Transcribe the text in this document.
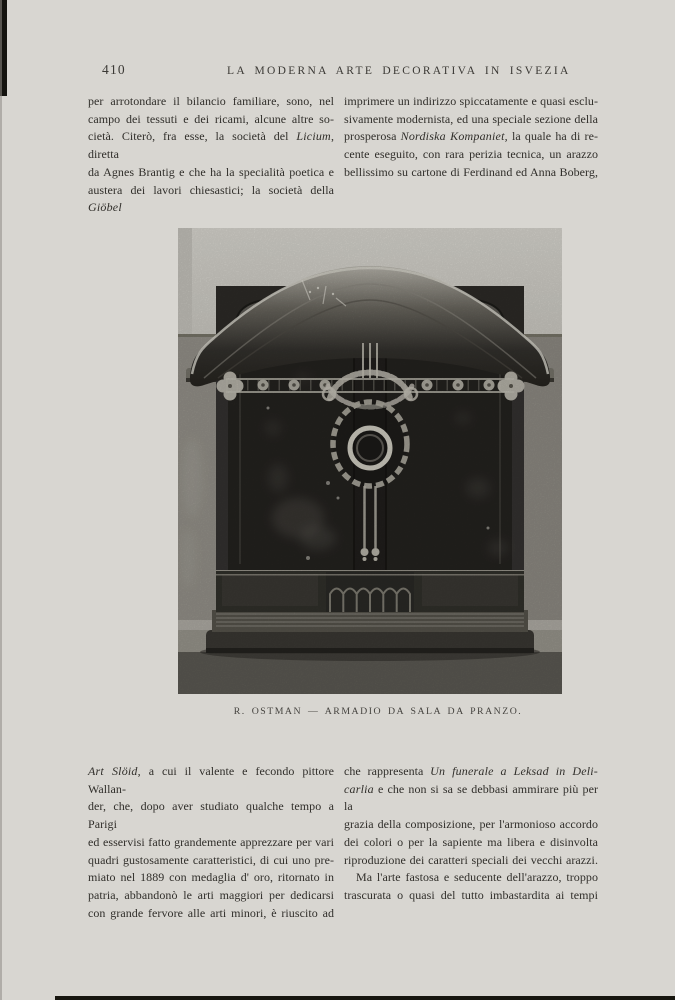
410	LA MODERNA ARTE DECORATIVA IN ISVEZIA
per arrotondare il bilancio familiare, sono, nel
campo dei tessuti e dei ricami, alcune altre so-
cietà. Citerò, fra esse, la società del Licium, diretta
da Agnes Brantig e che ha la specialità poetica e
austera dei lavori chiesastici; la società della Giöbel
imprimere un indirizzo spiccatamente e quasi esclu-
sivamente modernista, ed una speciale sezione della
prosperosa Nordiska Kompaniet, la quale ha di re-
cente eseguito, con rara perizia tecnica, un arazzo
bellissimo su cartone di Ferdinand ed Anna Boberg,
R. OSTMAN — ARMADIO DA SALA DA PRANZO.
Art Slöid, a cui il valente e fecondo pittore Wallan-
der, che, dopo aver studiato qualche tempo a Parigi
ed esservisi fatto grandemente apprezzare per vari
quadri gustosamente caratteristici, di cui uno pre-
miato nel 1889 con medaglia d' oro, ritornato in
patria, abbandonò le arti maggiori per dedicarsi
con grande fervore alle arti minori, è riuscito ad
che rappresenta Un funerale a Leksad in Deli-
carlia e che non si sa se debbasi ammirare più per la
grazia della composizione, per l'armonioso accordo
dei colori o per la sapiente ma libera e disinvolta
riproduzione dei caratteri speciali dei vecchi arazzi.
 Ma l'arte fastosa e seducente dell'arazzo, troppo
trascurata o quasi del tutto imbastardita ai tempi
